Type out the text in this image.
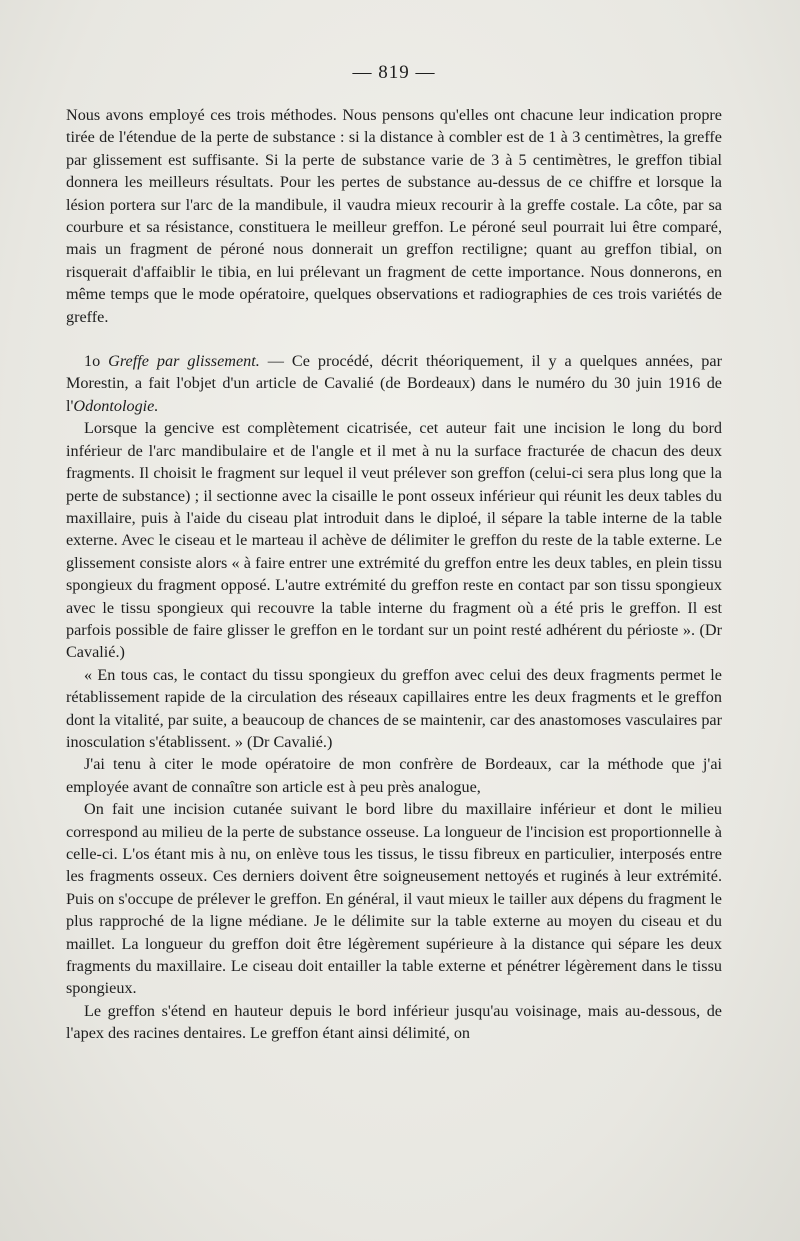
— 819 —

Nous avons employé ces trois méthodes. Nous pensons qu'elles ont chacune leur indication propre tirée de l'étendue de la perte de substance : si la distance à combler est de 1 à 3 centimètres, la greffe par glissement est suffisante. Si la perte de substance varie de 3 à 5 centimètres, le greffon tibial donnera les meilleurs résultats. Pour les pertes de substance au-dessus de ce chiffre et lorsque la lésion portera sur l'arc de la mandibule, il vaudra mieux recourir à la greffe costale. La côte, par sa courbure et sa résistance, constituera le meilleur greffon. Le péroné seul pourrait lui être comparé, mais un fragment de péroné nous donnerait un greffon rectiligne; quant au greffon tibial, on risquerait d'affaiblir le tibia, en lui prélevant un fragment de cette importance. Nous donnerons, en même temps que le mode opératoire, quelques observations et radiographies de ces trois variétés de greffe.

1o Greffe par glissement. — Ce procédé, décrit théoriquement, il y a quelques années, par Morestin, a fait l'objet d'un article de Cavalié (de Bordeaux) dans le numéro du 30 juin 1916 de l'Odontologie.

Lorsque la gencive est complètement cicatrisée, cet auteur fait une incision le long du bord inférieur de l'arc mandibulaire et de l'angle et il met à nu la surface fracturée de chacun des deux fragments. Il choisit le fragment sur lequel il veut prélever son greffon (celui-ci sera plus long que la perte de substance) ; il sectionne avec la cisaille le pont osseux inférieur qui réunit les deux tables du maxillaire, puis à l'aide du ciseau plat introduit dans le diploé, il sépare la table interne de la table externe. Avec le ciseau et le marteau il achève de délimiter le greffon du reste de la table externe. Le glissement consiste alors « à faire entrer une extrémité du greffon entre les deux tables, en plein tissu spongieux du fragment opposé. L'autre extrémité du greffon reste en contact par son tissu spongieux avec le tissu spongieux qui recouvre la table interne du fragment où a été pris le greffon. Il est parfois possible de faire glisser le greffon en le tordant sur un point resté adhérent du périoste ». (Dr Cavalié.)

« En tous cas, le contact du tissu spongieux du greffon avec celui des deux fragments permet le rétablissement rapide de la circulation des réseaux capillaires entre les deux fragments et le greffon dont la vitalité, par suite, a beaucoup de chances de se maintenir, car des anastomoses vasculaires par inosculation s'établissent. » (Dr Cavalié.)

J'ai tenu à citer le mode opératoire de mon confrère de Bordeaux, car la méthode que j'ai employée avant de connaître son article est à peu près analogue,

On fait une incision cutanée suivant le bord libre du maxillaire inférieur et dont le milieu correspond au milieu de la perte de substance osseuse. La longueur de l'incision est proportionnelle à celle-ci. L'os étant mis à nu, on enlève tous les tissus, le tissu fibreux en particulier, interposés entre les fragments osseux. Ces derniers doivent être soigneusement nettoyés et ruginés à leur extrémité. Puis on s'occupe de prélever le greffon. En général, il vaut mieux le tailler aux dépens du fragment le plus rapproché de la ligne médiane. Je le délimite sur la table externe au moyen du ciseau et du maillet. La longueur du greffon doit être légèrement supérieure à la distance qui sépare les deux fragments du maxillaire. Le ciseau doit entailler la table externe et pénétrer légèrement dans le tissu spongieux.

Le greffon s'étend en hauteur depuis le bord inférieur jusqu'au voisinage, mais au-dessous, de l'apex des racines dentaires. Le greffon étant ainsi délimité, on
